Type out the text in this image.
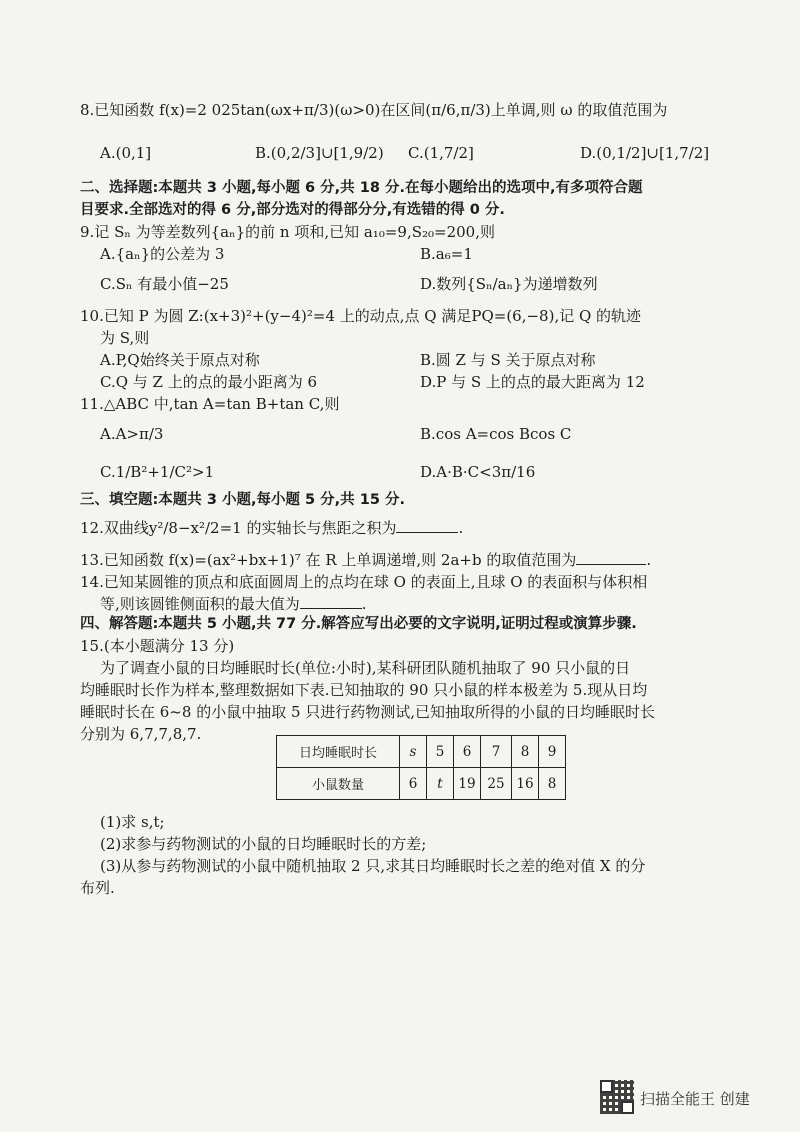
8.已知函数 f(x)=2 025tan(ωx+π/3)(ω>0)在区间(π/6,π/3)上单调,则 ω 的取值范围为
A.(0,1]	B.(0,2/3]∪[1,9/2) C.(1,7/2]	D.(0,1/2]∪[1,7/2]
二、选择题:本题共 3 小题,每小题 6 分,共 18 分.在每小题给出的选项中,有多项符合题
目要求.全部选对的得 6 分,部分选对的得部分分,有选错的得 0 分.
9.记 Sₙ 为等差数列{aₙ}的前 n 项和,已知 a₁₀=9,S₂₀=200,则
A.{aₙ}的公差为 3	B.a₆=1
C.Sₙ 有最小值−25	D.数列{Sₙ/aₙ}为递增数列
10.已知 P 为圆 Z:(x+3)²+(y−4)²=4 上的动点,点 Q 满足PQ=(6,−8),记 Q 的轨迹
为 S,则
A.P,Q始终关于原点对称	B.圆 Z 与 S 关于原点对称
C.Q 与 Z 上的点的最小距离为 6	D.P 与 S 上的点的最大距离为 12
11.△ABC 中,tan A=tan B+tan C,则
A.A>π/3	B.cos A=cos Bcos C
C.1/B²+1/C²>1	D.A·B·C<3π/16
三、填空题:本题共 3 小题,每小题 5 分,共 15 分.
12.双曲线y²/8−x²/2=1 的实轴长与焦距之积为	.
13.已知函数 f(x)=(ax²+bx+1)⁷ 在 R 上单调递增,则 2a+b 的取值范围为	.
14.已知某圆锥的顶点和底面圆周上的点均在球 O 的表面上,且球 O 的表面积与体积相
等,则该圆锥侧面积的最大值为	.
四、解答题:本题共 5 小题,共 77 分.解答应写出必要的文字说明,证明过程或演算步骤.
15.(本小题满分 13 分)
为了调查小鼠的日均睡眠时长(单位:小时),某科研团队随机抽取了 90 只小鼠的日
均睡眠时长作为样本,整理数据如下表.已知抽取的 90 只小鼠的样本极差为 5.现从日均
睡眠时长在 6~8 的小鼠中抽取 5 只进行药物测试,已知抽取所得的小鼠的日均睡眠时长
分别为 6,7,7,8,7.
日均睡眠时长	s	5	6	7	8	9
小鼠数量	6	t	19	25	16	8
(1)求 s,t;
(2)求参与药物测试的小鼠的日均睡眠时长的方差;
(3)从参与药物测试的小鼠中随机抽取 2 只,求其日均睡眠时长之差的绝对值 X 的分
布列.
扫描全能王 创建
